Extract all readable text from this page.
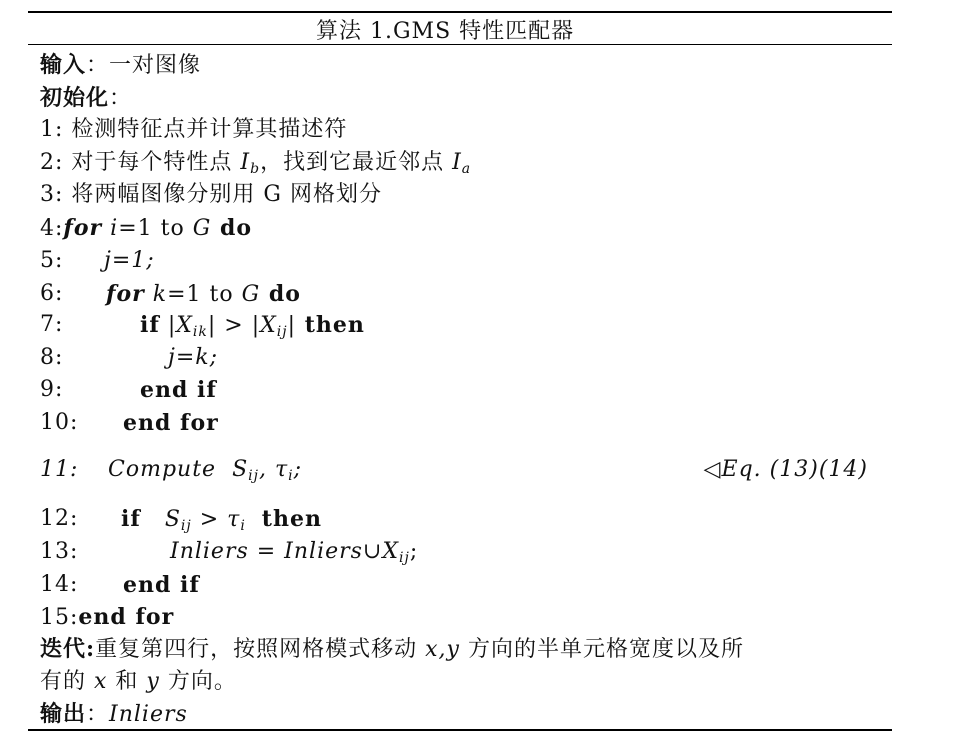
算法 1.GMS 特性匹配器
输入：一对图像
初始化：
1: 检测特征点并计算其描述符
2: 对于每个特性点 $I_b$，找到它最近邻点 $I_a$
3: 将两幅图像分别用 G 网格划分
4:for i=1 to G do
5: j=1;
6: for k=1 to G do
7:	if $|X_{ik}| > |X_{ij}|$ then
8:	j=k;
9:	end if
10: end for
11: Compute $S_{ij}$, $\tau_i$;	◁Eq. (13)(14)
12: if $S_{ij} > \tau_i$ then
13:	Inliers = $Inliers\cup X_{ij}$;
14: end if
15:end for
迭代:重复第四行，按照网格模式移动 x,y 方向的半单元格宽度以及所
有的 x 和 y 方向。
输出：Inliers
